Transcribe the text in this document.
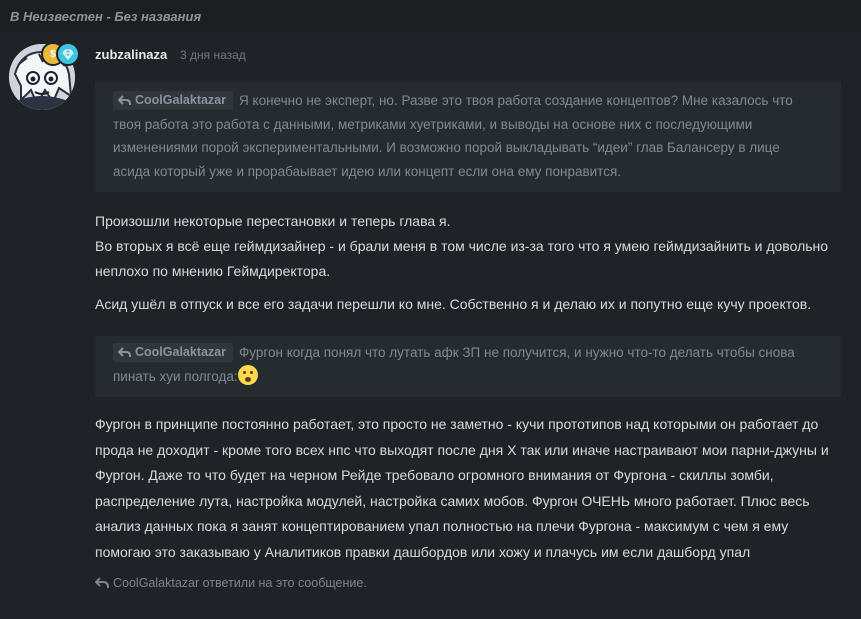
В Неизвестен - Без названия
$	zubzalinaza 3 дня назад

CoolGalaktazar Я конечно не эксперт, но. Разве это твоя работа создание концептов? Мне казалось что твоя работа это работа с данными, метриками хуетриками, и выводы на основе них с последующими изменениями порой экспериментальными. И возможно порой выкладывать “идеи” глав Балансеру в лице асида который уже и прорабаывает идею или концепт если она ему понравится.

Произошли некоторые перестановки и теперь глава я.
Во вторых я всё еще геймдизайнер - и брали меня в том числе из-за того что я умею геймдизайнить и довольно неплохо по мнению Геймдиректора.

Асид ушёл в отпуск и все его задачи перешли ко мне. Собственно я и делаю их и попутно еще кучу проектов.

CoolGalaktazar Фургон когда понял что лутать афк ЗП не получится, и нужно что-то делать чтобы снова пинать хуи полгода:

Фургон в принципе постоянно работает, это просто не заметно - кучи прототипов над которыми он работает до прода не доходит - кроме того всех нпс что выходят после дня X так или иначе настраивают мои парни-джуны и Фургон. Даже то что будет на черном Рейде требовало огромного внимания от Фургона - скиллы зомби, распределение лута, настройка модулей, настройка самих мобов. Фургон ОЧЕНЬ много работает. Плюс весь анализ данных пока я занят концептированием упал полностью на плечи Фургона - максимум с чем я ему помогаю это заказываю у Аналитиков правки дашбордов или хожу и плачусь им если дашборд упал

CoolGalaktazar ответили на это сообщение.
